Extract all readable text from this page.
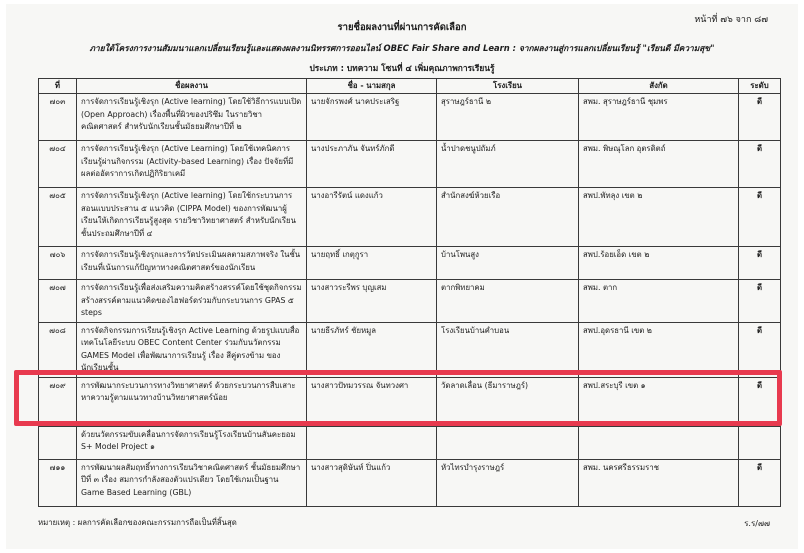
หน้าที่ ๗๖ จาก ๘๗

รายชื่อผลงานที่ผ่านการคัดเลือก

ภายใต้โครงการงานสัมมนาแลกเปลี่ยนเรียนรู้และแสดงผลงานนิทรรศการออนไลน์ OBEC Fair Share and Learn : จากผลงานสู่การแลกเปลี่ยนเรียนรู้ "เรียนดี มีความสุข"

ประเภท : บทความ โซนที่ ๔ เพิ่มคุณภาพการเรียนรู้

ที่	ชื่อผลงาน	ชื่อ - นามสกุล	โรงเรียน	สังกัด	ระดับ
๗๐๓	การจัดการเรียนรู้เชิงรุก (Active learning) โดยใช้วิธีการแบบเปิด (Open Approach) เรื่องพื้นที่ผิวของปริซึม ในรายวิชาคณิตศาสตร์ สำหรับนักเรียนชั้นมัธยมศึกษาปีที่ ๒	นายจักรพงศ์ นาคประเสริฐ	สุราษฎร์ธานี ๒	สพม. สุราษฎร์ธานี ชุมพร	ดี
๗๐๔	การจัดการเรียนรู้เชิงรุก (Active Learning) โดยใช้เทคนิคการเรียนรู้ผ่านกิจกรรม (Activity-based Learning) เรื่อง ปัจจัยที่มีผลต่ออัตราการเกิดปฏิกิริยาเคมี	นางประภาภัน จันทร์ภักดี	น้ำปาดชนูปถัมภ์	สพม. พิษณุโลก อุตรดิตถ์	ดี
๗๐๕	การจัดการเรียนรู้เชิงรุก (Active learning) โดยใช้กระบวนการสอนแบบประสาน ๕ แนวคิด (CIPPA Model) ของการพัฒนาผู้เรียนให้เกิดการเรียนรู้สูงสุด รายวิชาวิทยาศาสตร์ สำหรับนักเรียนชั้นประถมศึกษาปีที่ ๔	นางอารีรัตน์ แดงแก้ว	สำนักสงฆ์ห้วยเรือ	สพป.พัทลุง เขต ๒	ดี
๗๐๖	การจัดการเรียนรู้เชิงรุกและการวัดประเมินผลตามสภาพจริง ในชั้นเรียนที่เน้นการแก้ปัญหาทางคณิตศาสตร์ของนักเรียน	นายฤทธิ์ เกตุกูรา	บ้านโพนสูง	สพป.ร้อยเอ็ด เขต ๒	ดี
๗๐๗	การจัดการเรียนรู้เพื่อส่งเสริมความคิดสร้างสรรค์โดยใช้ชุดกิจกรรมสร้างสรรค์ตามแนวคิดของไฮฟอร์ดร่วมกับกระบวนการ GPAS ๕ steps	นางสาวระรีพร บุญเสม	ตากพิทยาคม	สพม. ตาก	ดี
๗๐๘	การจัดกิจกรรมการเรียนรู้เชิงรุก Active Learning ด้วยรูปแบบสื่อเทคโนโลยีระบบ OBEC Content Center ร่วมกับนวัตกรรม GAMES Model เพื่อพัฒนาการเรียนรู้ เรื่อง สีคู่ตรงข้าม ของนักเรียนชั้น	นายธีรภัทร์ ชัยหมูล	โรงเรียนบ้านคำบอน	สพป.อุดรธานี เขต ๒	ดี
๗๐๙	การพัฒนากระบวนการทางวิทยาศาสตร์ ด้วยกระบวนการสืบเสาะ หาความรู้ตามแนวทางบ้านวิทยาศาสตร์น้อย	นางสาวปัทมวรรณ จันทวงศา	วัดลาดเลื่อน (ธีมาราษฎร์)	สพป.สระบุรี เขต ๑	ดี
	ด้วยนวัตกรรมขับเคลื่อนการจัดการเรียนรู้โรงเรียนบ้านสันคะยอม S+ Model Project ๑				
๗๑๑	การพัฒนาผลสัมฤทธิ์ทางการเรียนวิชาคณิตศาสตร์ ชั้นมัธยมศึกษาปีที่ ๓ เรื่อง สมการกำลังสองตัวแปรเดียว โดยใช้เกมเป็นฐาน Game Based Learning (GBL)	นางสาวสุดิษันท์ ปิ่นแก้ว	หัวไทรบำรุงราษฎร์	สพม. นครศรีธรรมราช	ดี
หมายเหตุ : ผลการคัดเลือกของคณะกรรมการถือเป็นที่สิ้นสุด	ร.ร/๗๗
